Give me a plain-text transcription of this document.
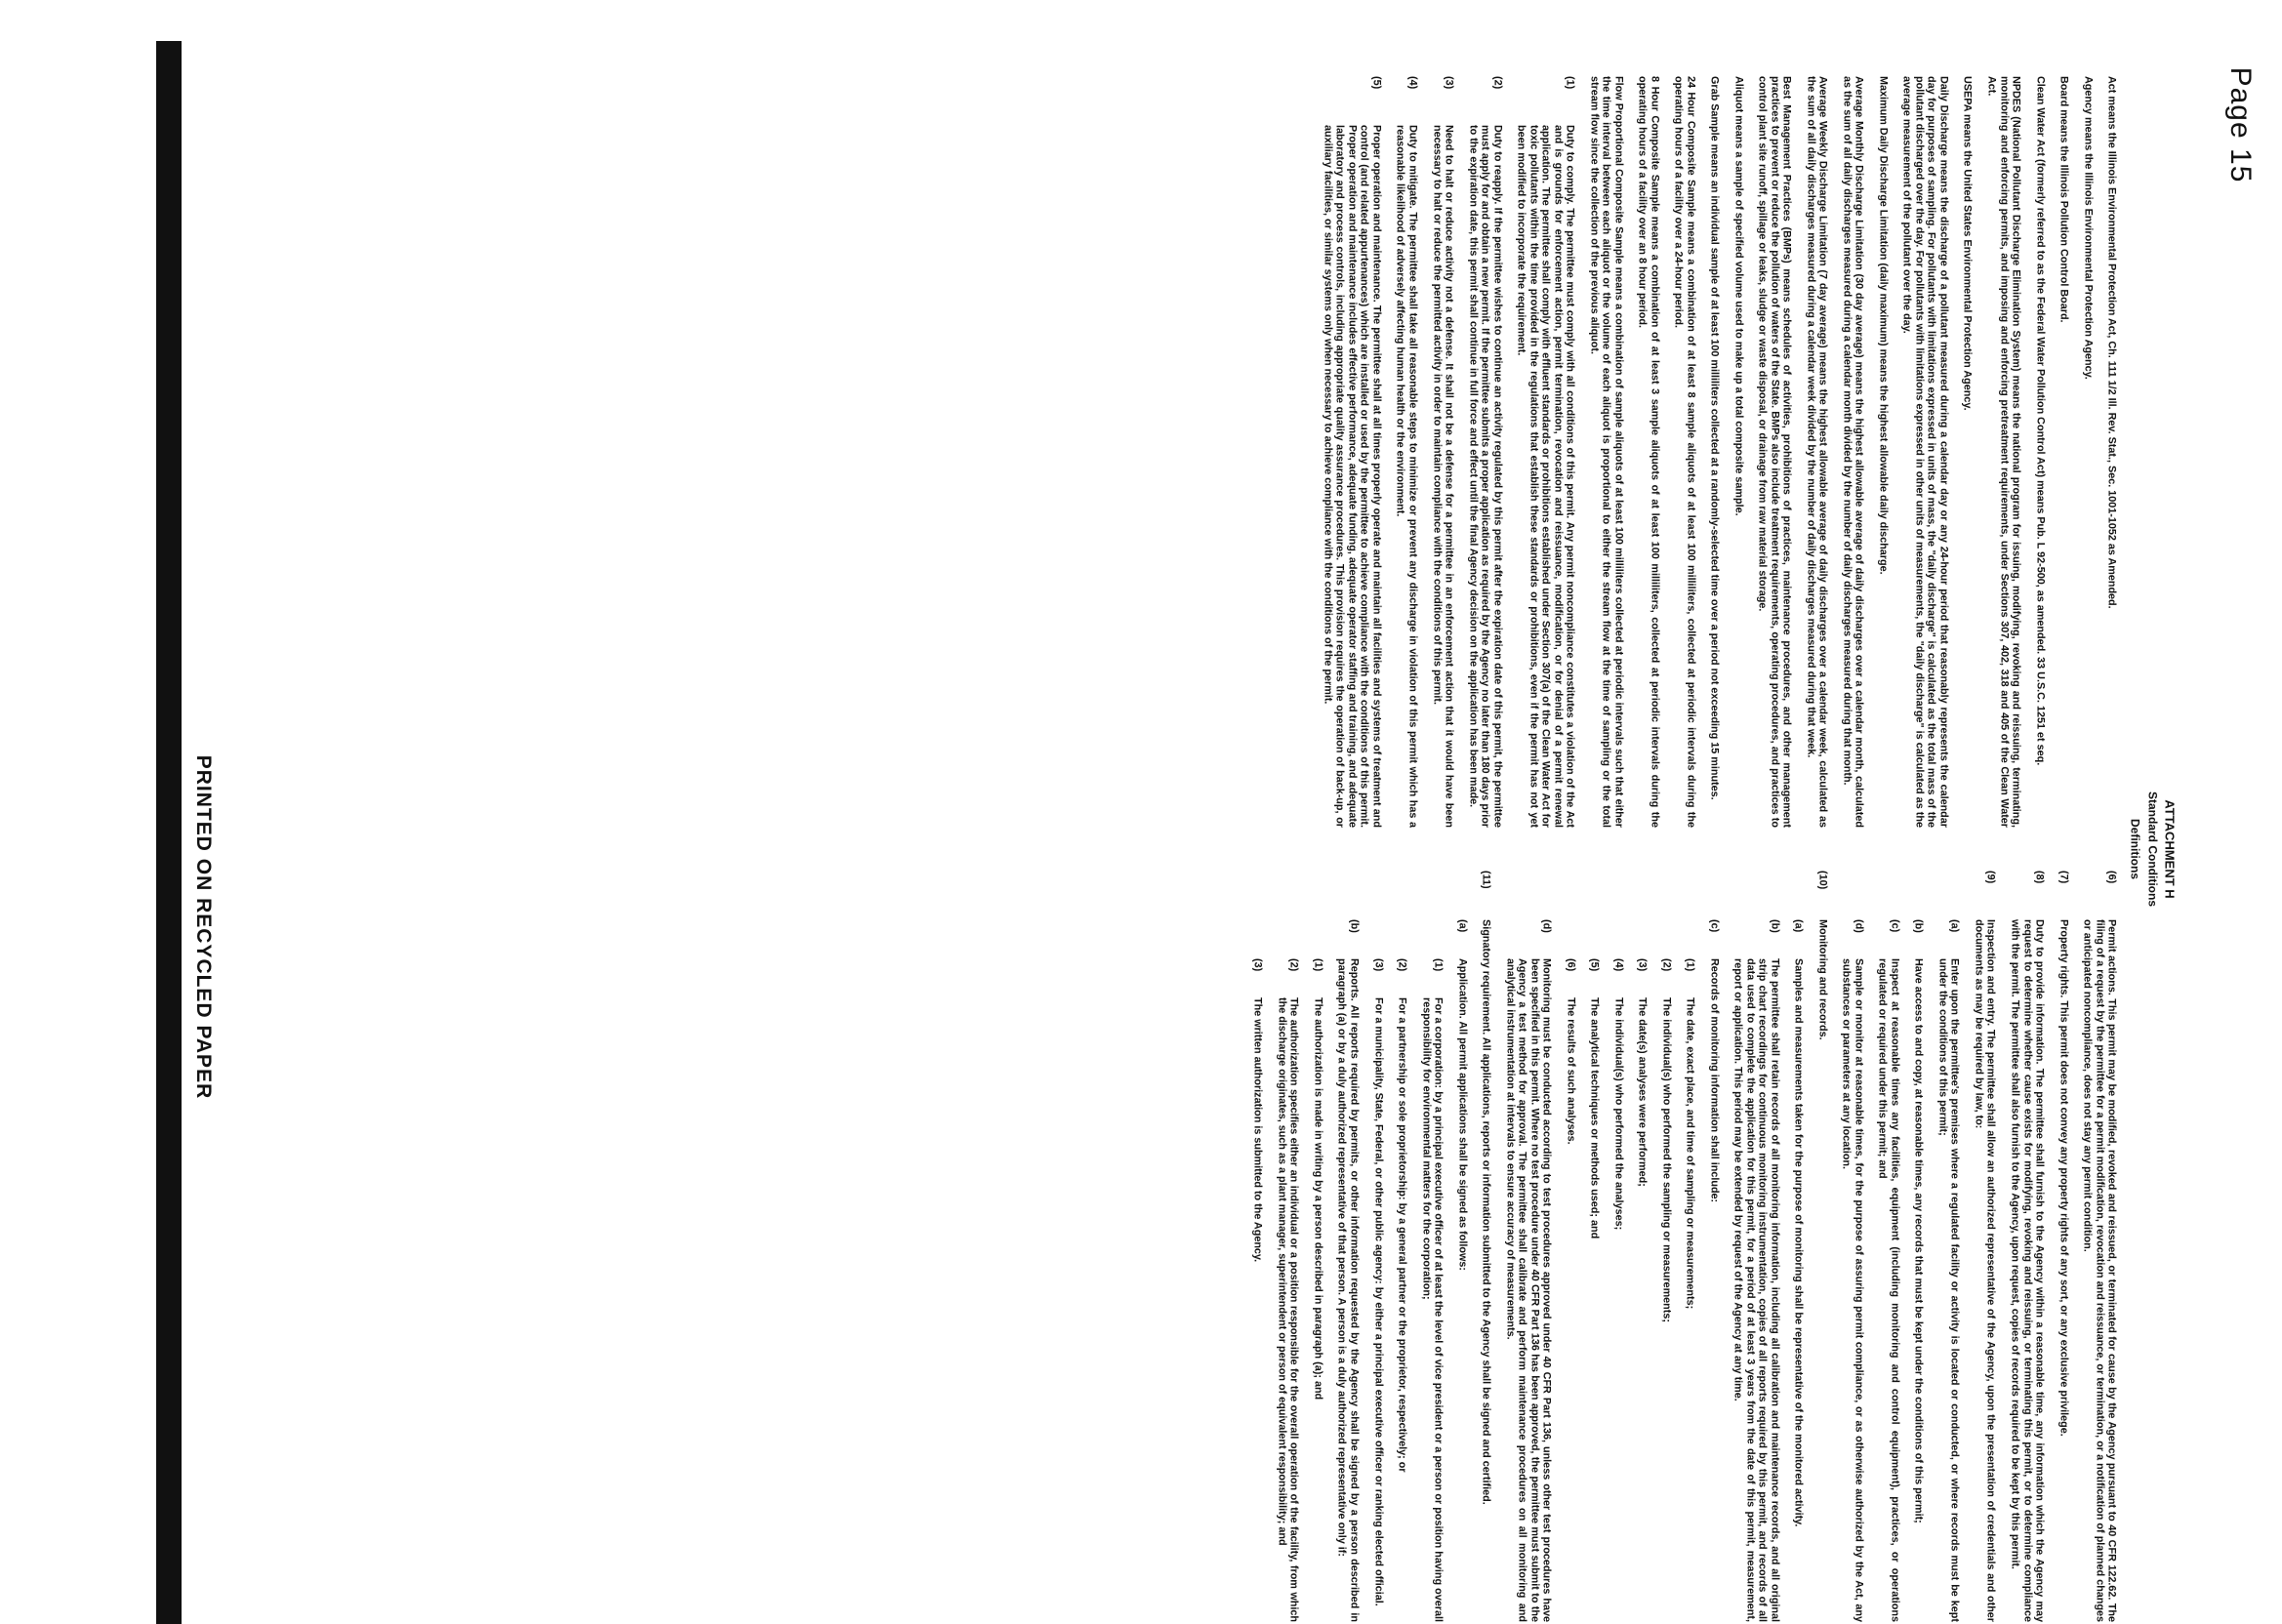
Page 15
PRINTED ON RECYCLED PAPER	ATTACHMENT H
Standard Conditions
Definitions

Act means the Illinois Environmental Protection Act, Ch. 111 1/2 Ill. Rev. Stat., Sec. 1001-1052 as Amended.

Agency means the Illinois Environmental Protection Agency.

Board means the Illinois Pollution Control Board.

Clean Water Act (formerly referred to as the Federal Water Pollution Control Act) means Pub. L 92-500, as amended. 33 U.S.C. 1251 et seq.

NPDES (National Pollutant Discharge Elimination System) means the national program for issuing, modifying, revoking and reissuing, terminating, monitoring and enforcing permits, and imposing and enforcing pretreatment requirements, under Sections 307, 402, 318 and 405 of the Clean Water Act.

USEPA means the United States Environmental Protection Agency.

Daily Discharge means the discharge of a pollutant measured during a calendar day or any 24-hour period that reasonably represents the calendar day for purposes of sampling. For pollutants with limitations expressed in units of mass, the "daily discharge" is calculated as the total mass of the pollutant discharged over the day. For pollutants with limitations expressed in other units of measurements, the "daily discharge" is calculated as the average measurement of the pollutant over the day.

Maximum Daily Discharge Limitation (daily maximum) means the highest allowable daily discharge.

Average Monthly Discharge Limitation (30 day average) means the highest allowable average of daily discharges over a calendar month, calculated as the sum of all daily discharges measured during a calendar month divided by the number of daily discharges measured during that month.

Average Weekly Discharge Limitation (7 day average) means the highest allowable average of daily discharges over a calendar week, calculated as the sum of all daily discharges measured during a calendar week divided by the number of daily discharges measured during that week.

Best Management Practices (BMPs) means schedules of activities, prohibitions of practices, maintenance procedures, and other management practices to prevent or reduce the pollution of waters of the State. BMPs also include treatment requirements, operating procedures, and practices to control plant site runoff, spillage or leaks, sludge or waste disposal, or drainage from raw material storage.

Aliquot means a sample of specified volume used to make up a total composite sample.

Grab Sample means an individual sample of at least 100 milliliters collected at a randomly-selected time over a period not exceeding 15 minutes.

24 Hour Composite Sample means a combination of at least 8 sample aliquots of at least 100 milliliters, collected at periodic intervals during the operating hours of a facility over a 24-hour period.

8 Hour Composite Sample means a combination of at least 3 sample aliquots of at least 100 milliliters, collected at periodic intervals during the operating hours of a facility over an 8 hour period.

Flow Proportional Composite Sample means a combination of sample aliquots of at least 100 milliliters collected at periodic intervals such that either the time interval between each aliquot or the volume of each aliquot is proportional to either the stream flow at the time of sampling or the total stream flow since the collection of the previous aliquot.

(1)
Duty to comply. The permittee must comply with all conditions of this permit. Any permit noncompliance constitutes a violation of the Act and is grounds for enforcement action, permit termination, revocation and reissuance, modification, or for denial of a permit renewal application. The permittee shall comply with effluent standards or prohibitions established under Section 307(a) of the Clean Water Act for toxic pollutants within the time provided in the regulations that establish these standards or prohibitions, even if the permit has not yet been modified to incorporate the requirement.
(2)
Duty to reapply. If the permittee wishes to continue an activity regulated by this permit after the expiration date of this permit, the permittee must apply for and obtain a new permit. If the permittee submits a proper application as required by the Agency no later than 180 days prior to the expiration date, this permit shall continue in full force and effect until the final Agency decision on the application has been made.
(3)
Need to halt or reduce activity not a defense. It shall not be a defense for a permittee in an enforcement action that it would have been necessary to halt or reduce the permitted activity in order to maintain compliance with the conditions of this permit.
(4)
Duty to mitigate. The permittee shall take all reasonable steps to minimize or prevent any discharge in violation of this permit which has a reasonable likelihood of adversely affecting human health or the environment.
(5)
Proper operation and maintenance. The permittee shall at all times properly operate and maintain all facilities and systems of treatment and control (and related appurtenances) which are installed or used by the permittee to achieve compliance with the conditions of this permit. Proper operation and maintenance includes effective performance, adequate funding, adequate operator staffing and training, and adequate laboratory and process controls, including appropriate quality assurance procedures. This provision requires the operation of back-up, or auxiliary facilities, or similar systems only when necessary to achieve compliance with the conditions of the permit.
(6)
Permit actions. This permit may be modified, revoked and reissued, or terminated for cause by the Agency pursuant to 40 CFR 122.62. The filing of a request by the permittee for a permit modification, revocation and reissuance, or termination, or a notification of planned changes or anticipated noncompliance, does not stay any permit condition.
(7)
Property rights. This permit does not convey any property rights of any sort, or any exclusive privilege.
(8)
Duty to provide information. The permittee shall furnish to the Agency within a reasonable time, any information which the Agency may request to determine whether cause exists for modifying, revoking and reissuing, or terminating this permit, or to determine compliance with the permit. The permittee shall also furnish to the Agency, upon request, copies of records required to be kept by this permit.
(9)
Inspection and entry. The permittee shall allow an authorized representative of the Agency, upon the presentation of credentials and other documents as may be required by law, to:
(a)
Enter upon the permittee's premises where a regulated facility or activity is located or conducted, or where records must be kept under the conditions of this permit;
(b)
Have access to and copy, at reasonable times, any records that must be kept under the conditions of this permit;
(c)
Inspect at reasonable times any facilities, equipment (including monitoring and control equipment), practices, or operations regulated or required under this permit; and
(d)
Sample or monitor at reasonable times, for the purpose of assuring permit compliance, or as otherwise authorized by the Act, any substances or parameters at any location.
(10)
Monitoring and records.
(a)
Samples and measurements taken for the purpose of monitoring shall be representative of the monitored activity.
(b)
The permittee shall retain records of all monitoring information, including all calibration and maintenance records, and all original strip chart recordings for continuous monitoring instrumentation, copies of all reports required by this permit, and records of all data used to complete the application for this permit, for a period of at least 3 years from the date of this permit, measurement, report or application. This period may be extended by request of the Agency at any time.
(c)
Records of monitoring information shall include:
(1)
The date, exact place, and time of sampling or measurements;
(2)
The individual(s) who performed the sampling or measurements;
(3)
The date(s) analyses were performed;
(4)
The individual(s) who performed the analyses;
(5)
The analytical techniques or methods used; and
(6)
The results of such analyses.
(d)
Monitoring must be conducted according to test procedures approved under 40 CFR Part 136, unless other test procedures have been specified in this permit. Where no test procedure under 40 CFR Part 136 has been approved, the permittee must submit to the Agency a test method for approval. The permittee shall calibrate and perform maintenance procedures on all monitoring and analytical instrumentation at intervals to ensure accuracy of measurements.
(11)
Signatory requirement. All applications, reports or information submitted to the Agency shall be signed and certified.
(a)
Application. All permit applications shall be signed as follows:
(1)
For a corporation: by a principal executive officer of at least the level of vice president or a person or position having overall responsibility for environmental matters for the corporation;
(2)
For a partnership or sole proprietorship: by a general partner or the proprietor, respectively; or
(3)
For a municipality, State, Federal, or other public agency: by either a principal executive officer or ranking elected official.
(b)
Reports. All reports required by permits, or other information requested by the Agency shall be signed by a person described in paragraph (a) or by a duly authorized representative of that person. A person is a duly authorized representative only if:
(1)
The authorization is made in writing by a person described in paragraph (a); and
(2)
The authorization specifies either an individual or a position responsible for the overall operation of the facility, from which the discharge originates, such as a plant manager, superintendent or person of equivalent responsibility; and
(3)
The written authorization is submitted to the Agency.
